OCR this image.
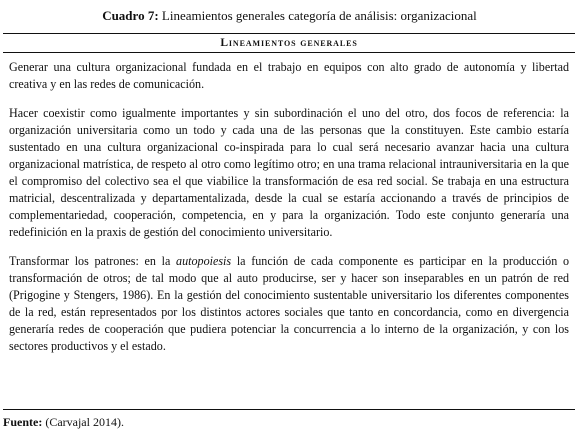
Cuadro 7: Lineamientos generales categoría de análisis: organizacional
Lineamientos generales

Generar una cultura organizacional fundada en el trabajo en equipos con alto grado de autonomía y libertad creativa y en las redes de comunicación.

Hacer coexistir como igualmente importantes y sin subordinación el uno del otro, dos focos de referencia: la organización universitaria como un todo y cada una de las personas que la constituyen. Este cambio estaría sustentado en una cultura organizacional co-inspirada para lo cual será necesario avanzar hacia una cultura organizacional matrística, de respeto al otro como legítimo otro; en una trama relacional intrauniversitaria en la que el compromiso del colectivo sea el que viabilice la transformación de esa red social. Se trabaja en una estructura matricial, descentralizada y departamentalizada, desde la cual se estaría accionando a través de principios de complementariedad, cooperación, competencia, en y para la organización. Todo este conjunto generaría una redefinición en la praxis de gestión del conocimiento universitario.

Transformar los patrones: en la autopoiesis la función de cada componente es participar en la producción o transformación de otros; de tal modo que al auto producirse, ser y hacer son inseparables en un patrón de red (Prigogine y Stengers, 1986). En la gestión del conocimiento sustentable universitario los diferentes componentes de la red, están representados por los distintos actores sociales que tanto en concordancia, como en divergencia generaría redes de cooperación que pudiera potenciar la concurrencia a lo interno de la organización, y con los sectores productivos y el estado.

Fuente: (Carvajal 2014).
